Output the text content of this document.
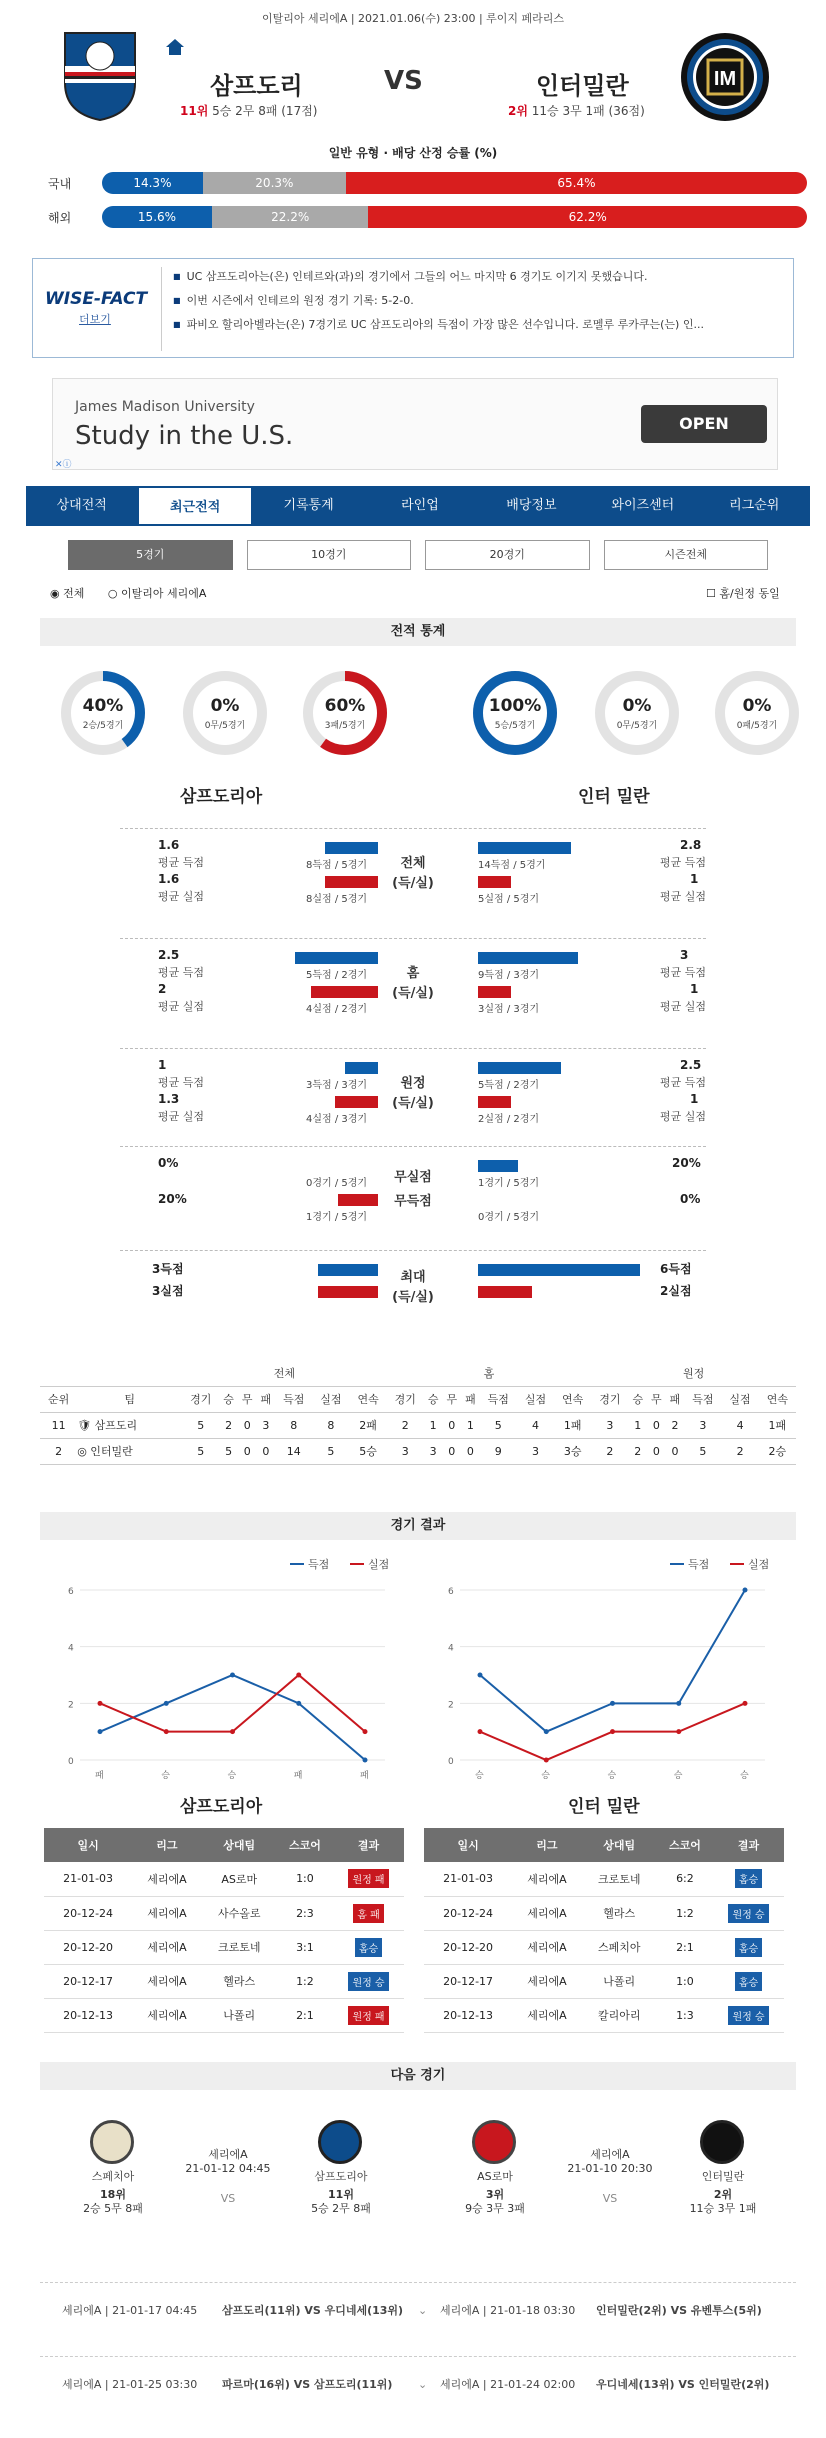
이탈리아 세리에A | 2021.01.06(수) 23:00 | 루이지 페라리스
삼프도리
11위 5승 2무 8패 (17점)
VS	인터밀란
2위 11승 3무 1패 (36점)
IM
일반 유형 · 배당 산정 승률 (%)
국내	14.3%	20.3%	65.4%
해외	15.6%	22.2%	62.2%
WISE-FACT
더보기
■ UC 삼프도리아는(은) 인테르와(과)의 경기에서 그들의 어느 마지막 6 경기도 이기지 못했습니다.
■ 이번 시즌에서 인테르의 원정 경기 기록: 5-2-0.
■ 파비오 할리아벨라는(은) 7경기로 UC 삼프도리아의 득점이 가장 많은 선수입니다. 로멜루 루카쿠는(는) 인...
James Madison University
Study in the U.S.	OPEN
✕ⓘ
상대전적	최근전적	기록통계	라인업	배당정보	와이즈센터	리그순위
5경기	10경기	20경기	시즌전체
◉ 전체 ○ 이탈리아 세리에A	☐ 홈/원정 동일
전적 통계
40%
2승/5경기
0%
0무/5경기
60%
3패/5경기
100%
5승/5경기
0%
0무/5경기
0%
0패/5경기
삼프도리아	인터 밀란
1.6
평균 득점
1.6
평균 실점
8득점 / 5경기
8실점 / 5경기
전체
(득/실)
14득점 / 5경기
5실점 / 5경기
2.8
평균 득점
1
평균 실점
2.5
평균 득점
2
평균 실점
5득점 / 2경기
4실점 / 2경기
홈
(득/실)
9득점 / 3경기
3실점 / 3경기
3
평균 득점
1
평균 실점
1
평균 득점
1.3
평균 실점
3득점 / 3경기
4실점 / 3경기
원정
(득/실)
5득점 / 2경기
2실점 / 2경기
2.5
평균 득점
1
평균 실점
0%
20%
0경기 / 5경기
1경기 / 5경기
무실점
무득점
1경기 / 5경기
0경기 / 5경기
20%
0%
3득점
3실점
최대
(득/실)
6득점
2실점
		전체							홈							원정						
순위	팀	경기	승	무	패	득점	실점	연속	경기	승	무	패	득점	실점	연속	경기	승	무	패	득점	실점	연속
11	🛡 삼프도리	5	2	0	3	8	8	2패	2	1	0	1	5	4	1패	3	1	0	2	3	4	1패
2	◎ 인터밀란	5	5	0	0	14	5	5승	3	3	0	0	9	3	3승	2	2	0	0	5	2	2승
경기 결과
득점	실점
0
2
4
6
패	승	승	패	패
득점	실점
0
2
4
6
승	승	승	승	승
삼프도리아	인터 밀란
일시	리그	상대팀	스코어	결과
21-01-03	세리에A	AS로마	1:0	원정 패
20-12-24	세리에A	사수올로	2:3	홈 패
20-12-20	세리에A	크로토네	3:1	홈승
20-12-17	세리에A	헬라스	1:2	원정 승
20-12-13	세리에A	나폴리	2:1	원정 패
일시	리그	상대팀	스코어	결과
21-01-03	세리에A	크로토네	6:2	홈승
20-12-24	세리에A	헬라스	1:2	원정 승
20-12-20	세리에A	스페치아	2:1	홈승
20-12-17	세리에A	나폴리	1:0	홈승
20-12-13	세리에A	칼리아리	1:3	원정 승
다음 경기
스페치아
18위
2승 5무 8패
세리에A
21-01-12 04:45
VS
삼프도리아
11위
5승 2무 8패
AS로마
3위
9승 3무 3패
세리에A
21-01-10 20:30
VS
인터밀란
2위
11승 3무 1패
세리에A | 21-01-17 04:45	삼프도리(11위) VS 우디네세(13위)	⌄ 세리에A | 21-01-18 03:30	인터밀란(2위) VS 유벤투스(5위)
세리에A | 21-01-25 03:30	파르마(16위) VS 삼프도리(11위)	⌄ 세리에A | 21-01-24 02:00	우디네세(13위) VS 인터밀란(2위)
